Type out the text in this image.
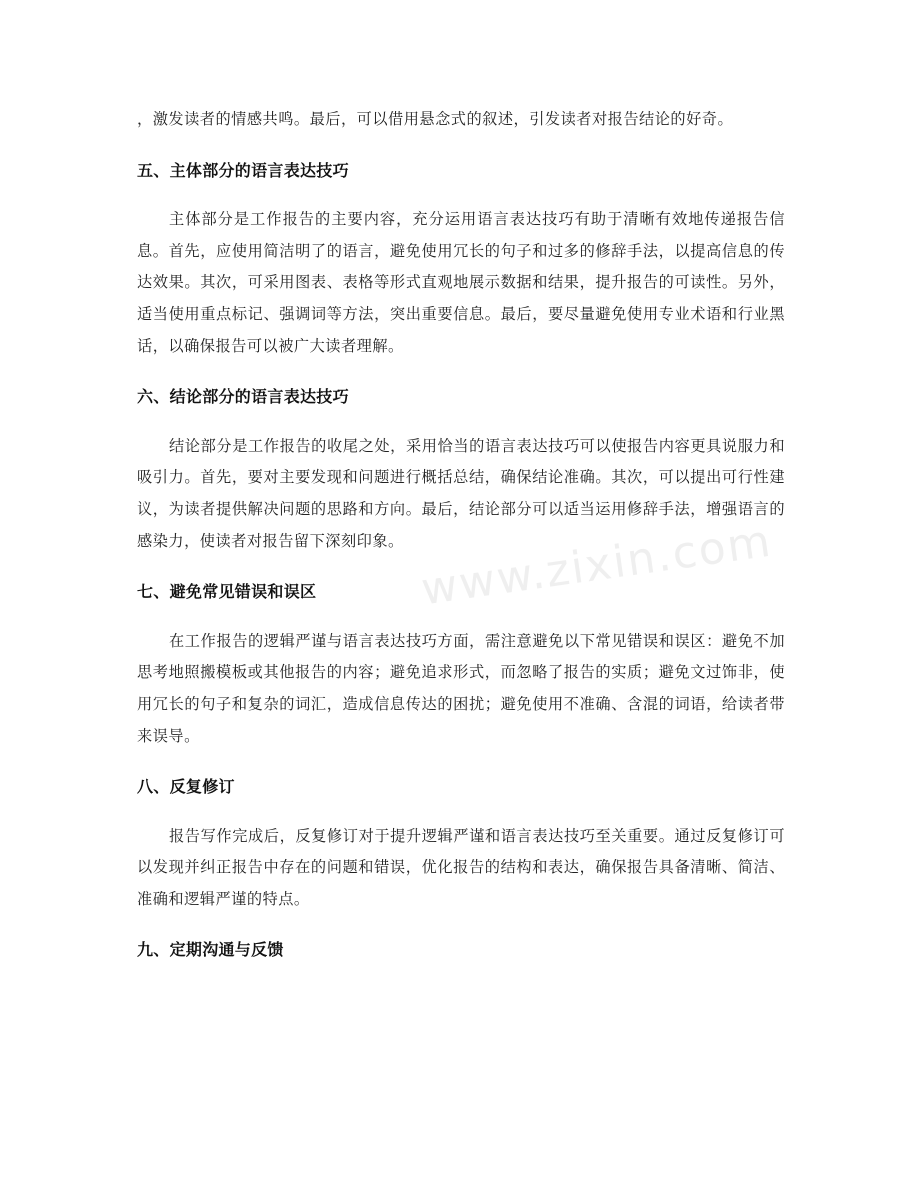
，激发读者的情感共鸣。最后，可以借用悬念式的叙述，引发读者对报告结论的好奇。

五、主体部分的语言表达技巧

主体部分是工作报告的主要内容，充分运用语言表达技巧有助于清晰有效地传递报告信息。首先，应使用简洁明了的语言，避免使用冗长的句子和过多的修辞手法，以提高信息的传达效果。其次，可采用图表、表格等形式直观地展示数据和结果，提升报告的可读性。另外，适当使用重点标记、强调词等方法，突出重要信息。最后，要尽量避免使用专业术语和行业黑话，以确保报告可以被广大读者理解。

六、结论部分的语言表达技巧

结论部分是工作报告的收尾之处，采用恰当的语言表达技巧可以使报告内容更具说服力和吸引力。首先，要对主要发现和问题进行概括总结，确保结论准确。其次，可以提出可行性建议，为读者提供解决问题的思路和方向。最后，结论部分可以适当运用修辞手法，增强语言的感染力，使读者对报告留下深刻印象。

七、避免常见错误和误区

在工作报告的逻辑严谨与语言表达技巧方面，需注意避免以下常见错误和误区：避免不加思考地照搬模板或其他报告的内容；避免追求形式，而忽略了报告的实质；避免文过饰非，使用冗长的句子和复杂的词汇，造成信息传达的困扰；避免使用不准确、含混的词语，给读者带来误导。

八、反复修订

报告写作完成后，反复修订对于提升逻辑严谨和语言表达技巧至关重要。通过反复修订可以发现并纠正报告中存在的问题和错误，优化报告的结构和表达，确保报告具备清晰、简洁、准确和逻辑严谨的特点。

九、定期沟通与反馈
www.zixin.com
